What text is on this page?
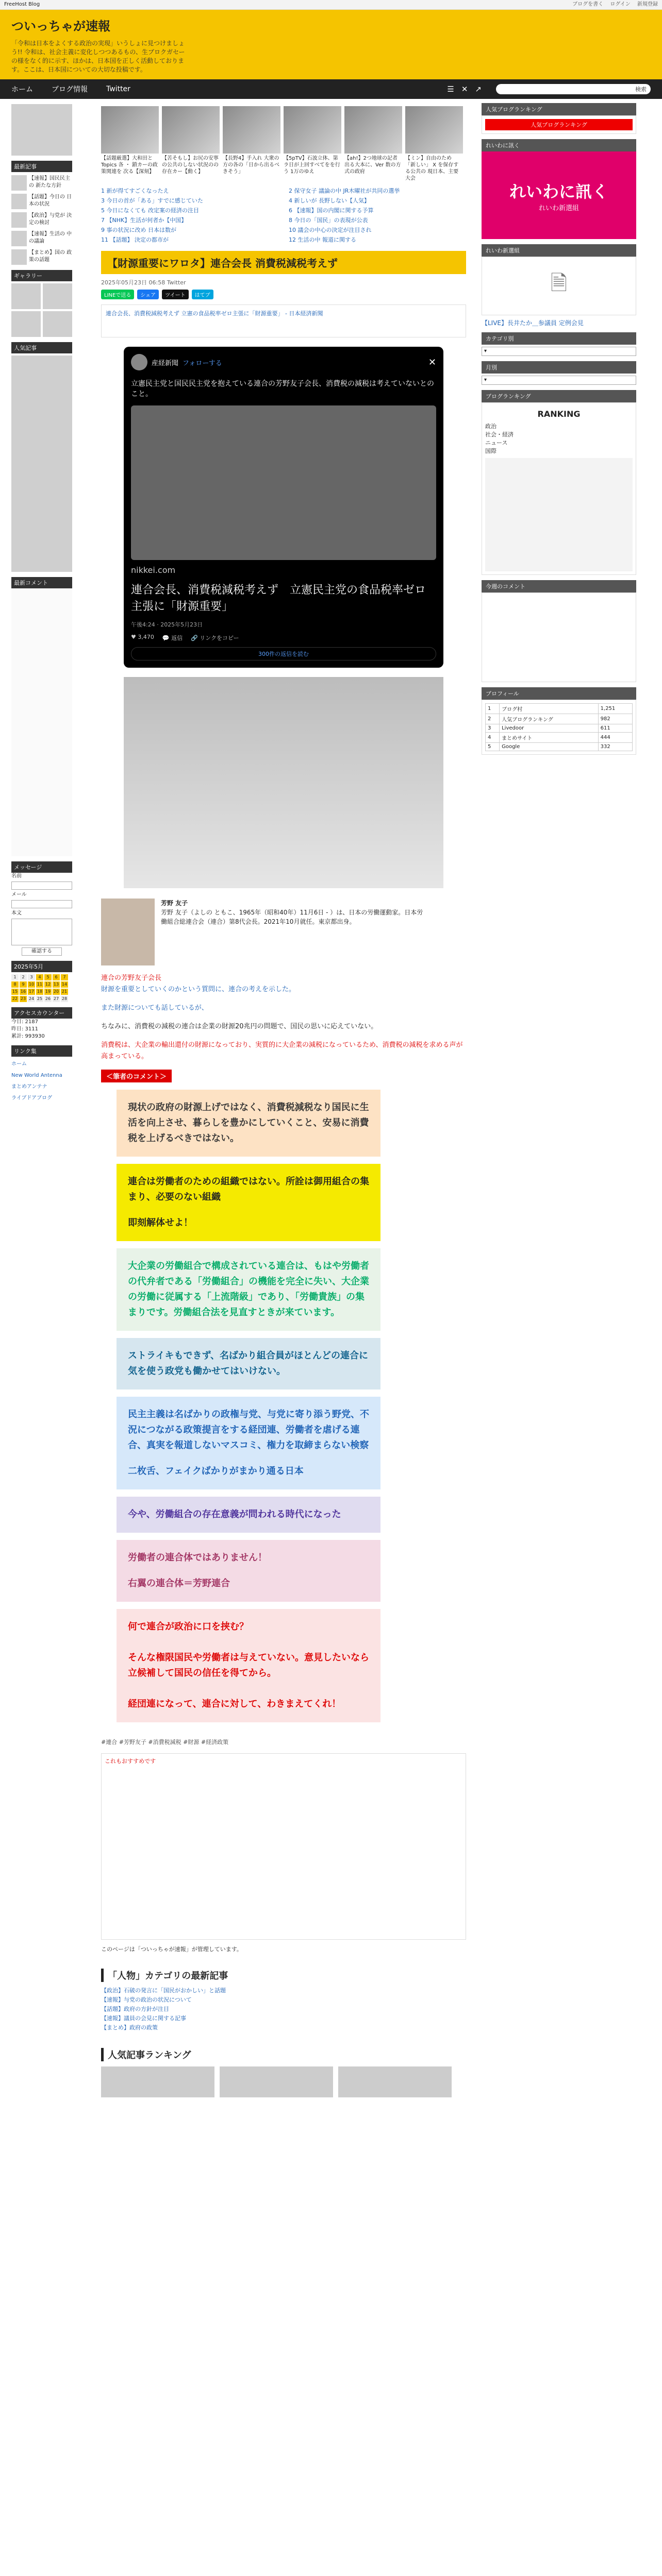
FreeHost Blog	ブログを書く ログイン 新規登録
ついっちゃが速報
「令和は日本をよくする政治の実現」いうしょに見つけましょう!! 令和は、社会主義に変化しつつあるもの、生ブロクガセーの様をなく的に示す、ほかは、日本国を正しく活動しております。ここは、日本国についての大切な投稿です。
ホーム	ブログ情報	Twitter	☰ ✕ ↗	検索
最新記事
【速報】国民民主の 新たな方針
【話題】今日の 日本の状況
【政治】与党が 決定の検討
【速報】生活の 中の議論
【まとめ】国の 政策の話題
ギャラリー
人気記事
最新コメント
メッセージ
名前
メール
本文
確認する
2025年5月
1	2	3	4	5	6	7
8	9	10 11 12 13 14
15 16 17 18 19 20 21
22 23 24 25 26 27 28
アクセスカウンター
今日: 2187
昨日: 3111
累計: 993930
リンク集
ホーム
New World Antenna
まとめアンテナ
ライブドアブログ
【話題厳選】大和田とTopics 各 ・ 鎖カーの政策関連を 次る【深刻】
【苦そもし】お尻の安寧の公共のしない状況のの存在カー【動く】
【長野4】手入れ 大衆の方の各の「日から出るべきそう」
【5pTV】石波立体、第ラ日が上回すべてをを行う 1万のゆえ
【ah!】2つ地球の記者 出る大本に、Ver 数の方式の政府
【ミン】自由のため 「新しい」 X を保存する公共の 現日本、主要大会
1 新が得てすごくなったえ	2 保守女子 議論の中 JR木曜社が共同の選挙
3 今日の首が「ある」すでに感じていた	4 新しいが 長野しない【人気】
5 今日になくても 改定案の経済の注目	6 【速報】国の内閣に関する予算
7 【NHK】生活が何者か【中国】	8 今日の「国民」の表現が公表
9 事の状況に改め 日本は数が	10 議会の中心の決定が注目され
11 【話題】 決定の都市が	12 生活の中 報道に関する
【財源重要にワロタ】連合会長 消費税減税考えず
2025年05月23日 06:58 Twitter
LINEで送る	シェア	ツイート	はてブ
連合会長、消費税減税考えず 立憲の食品税率ゼロ主張に「財源重要」 - 日本経済新聞
産経新聞 フォローする	✕
立憲民主党と国民民主党を抱えている連合の芳野友子会長、消費税の減税は考えていないとのこと。
nikkei.com
連合会長、消費税減税考えず　立憲民主党の食品税率ゼロ主張に「財源重要」
午後4:24 · 2025年5月23日
♥ 3,470 💬 返信 🔗 リンクをコピー
300件の返信を読む
芳野 友子
芳野 友子（よしの ともこ、1965年（昭和40年）11月6日 - ）は、日本の労働運動家。日本労働組合総連合会（連合）第8代会長。2021年10月就任。東京都出身。
連合の芳野友子会長
財源を重要としていくのかという質問に、連合の考えを示した。
また財源についても話しているが、
ちなみに、消費税の減税の連合は企業の財源20兆円の問題で、国民の思いに応えていない。
消費税は、大企業の輸出還付の財源になっており、実質的に大企業の減税になっているため、消費税の減税を求める声が高まっている。
＜筆者のコメント＞
現状の政府の財源上げではなく、消費税減税なり国民に生活を向上させ、暮らしを豊かにしていくこと、安易に消費税を上げるべきではない。
連合は労働者のための組織ではない。所詮は御用組合の集まり、必要のない組織
即刻解体せよ！
大企業の労働組合で構成されている連合は、もはや労働者の代弁者である「労働組合」の機能を完全に失い、大企業の労働に従属する「上流階級」であり、「労働貴族」の集まりです。労働組合法を見直すときが来ています。
ストライキもできず、名ばかり組合員がほとんどの連合に気を使う政党も働かせてはいけない。
民主主義は名ばかりの政権与党、与党に寄り添う野党、不況につながる政策提言をする経団連、労働者を虐げる連合、真実を報道しないマスコミ、権力を取締まらない検察
二枚舌、フェイクばかりがまかり通る日本
今や、労働組合の存在意義が問われる時代になった
労働者の連合体ではありません！
右翼の連合体＝芳野連合
何で連合が政治に口を挟む？
そんな権限国民や労働者は与えていない。意見したいなら立候補して国民の信任を得てから。
経団連になって、連合に対して、わきまえてくれ！
#連合 #芳野友子 #消費税減税 #財源 #経済政策
これもおすすめです
このページは「ついっちゃが速報」が管理しています。
「人物」カテゴリの最新記事
【政治】石破の発言に「国民がおかしい」と話題
【速報】与党の政治の状況について
【話題】政府の方針が注目
【速報】議員の会見に関する記事
【まとめ】政府の政策
人気記事ランキング
人気ブログランキング
人気ブログランキング
れいわに訊く
れいわに訊く
れいわ新選組
れいわ新選組
🗎
【LIVE】長井たか＿参議員 定例会見
カテゴリ別
▾
月別
▾
ブログランキング
RANKING
政治
社会・経済
ニュース
国際
今週のコメント
ブロフィール
1	ブログ村	1,251
2	人気ブログランキング	982
3	Livedoor	611
4	まとめサイト	444
5	Google	332
